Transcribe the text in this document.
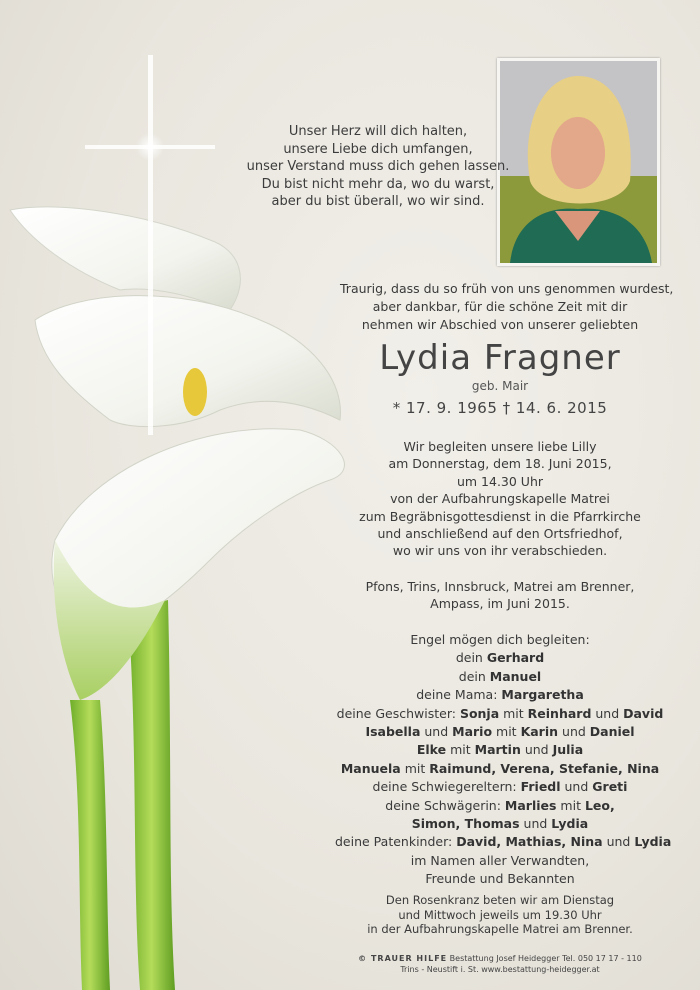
Unser Herz will dich halten,
unsere Liebe dich umfangen,
unser Verstand muss dich gehen lassen.
Du bist nicht mehr da, wo du warst,
aber du bist überall, wo wir sind.
Traurig, dass du so früh von uns genommen wurdest,
aber dankbar, für die schöne Zeit mit dir
nehmen wir Abschied von unserer geliebten
Lydia Fragner
geb. Mair
* 17. 9. 1965 † 14. 6. 2015
Wir begleiten unsere liebe Lilly
am Donnerstag, dem 18. Juni 2015,
um 14.30 Uhr
von der Aufbahrungskapelle Matrei
zum Begräbnisgottesdienst in die Pfarrkirche
und anschließend auf den Ortsfriedhof,
wo wir uns von ihr verabschieden.
Pfons, Trins, Innsbruck, Matrei am Brenner,
Ampass, im Juni 2015.
Engel mögen dich begleiten:
dein Gerhard
dein Manuel
deine Mama: Margaretha
deine Geschwister: Sonja mit Reinhard und David
Isabella und Mario mit Karin und Daniel
Elke mit Martin und Julia
Manuela mit Raimund, Verena, Stefanie, Nina
deine Schwiegereltern: Friedl und Greti
deine Schwägerin: Marlies mit Leo,
Simon, Thomas und Lydia
deine Patenkinder: David, Mathias, Nina und Lydia
im Namen aller Verwandten,
Freunde und Bekannten
Den Rosenkranz beten wir am Dienstag
und Mittwoch jeweils um 19.30 Uhr
in der Aufbahrungskapelle Matrei am Brenner.
© TRAUER HILFE Bestattung Josef Heidegger Tel. 050 17 17 - 110
Trins - Neustift i. St. www.bestattung-heidegger.at
